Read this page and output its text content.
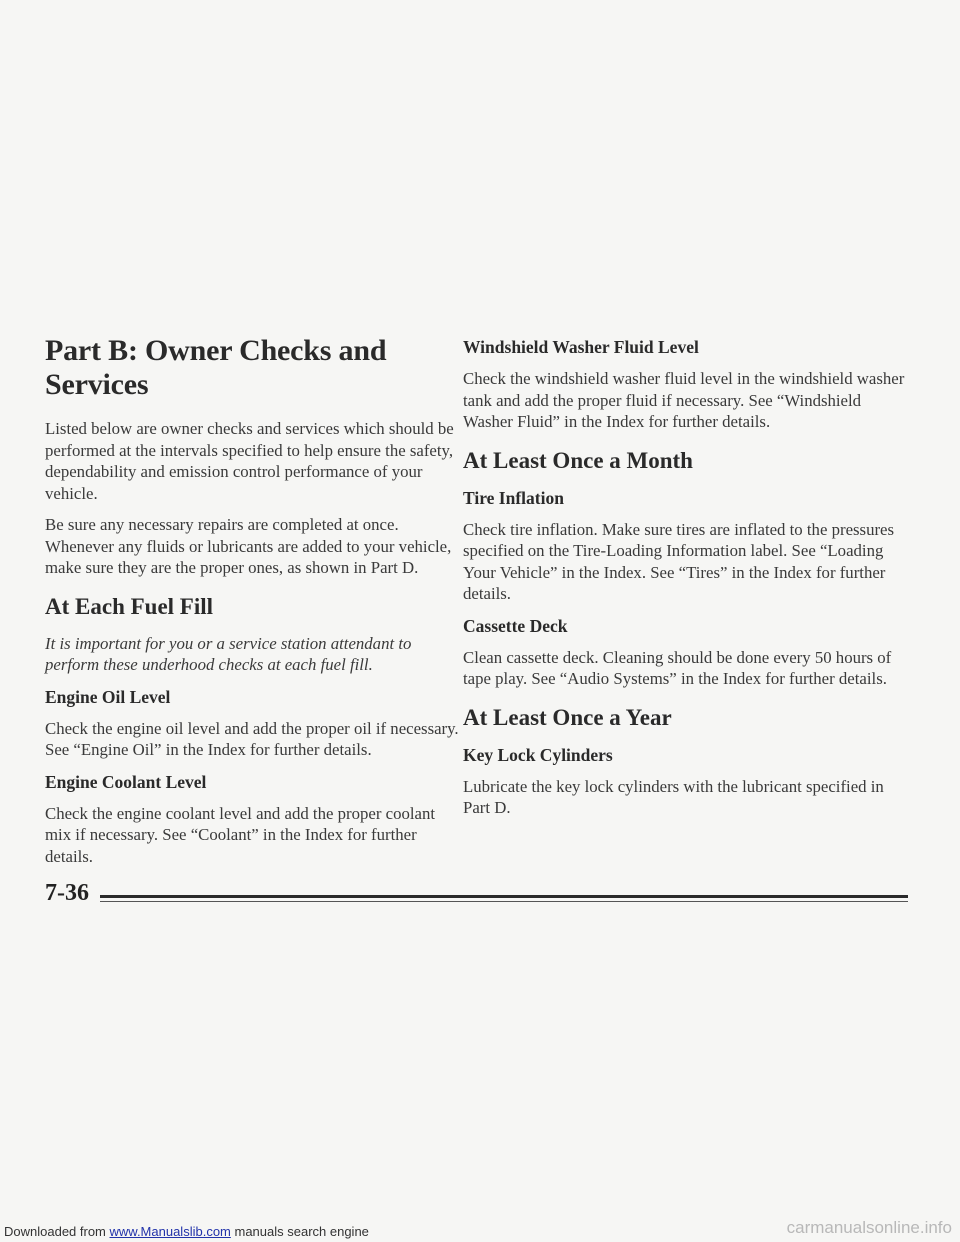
Part B: Owner Checks and Services

Listed below are owner checks and services which should be performed at the intervals specified to help ensure the safety, dependability and emission control performance of your vehicle.

Be sure any necessary repairs are completed at once. Whenever any fluids or lubricants are added to your vehicle, make sure they are the proper ones, as shown in Part D.

At Each Fuel Fill

It is important for you or a service station attendant to perform these underhood checks at each fuel fill.

Engine Oil Level

Check the engine oil level and add the proper oil if necessary. See “Engine Oil” in the Index for further details.

Engine Coolant Level

Check the engine coolant level and add the proper coolant mix if necessary. See “Coolant” in the Index for further details.

Windshield Washer Fluid Level

Check the windshield washer fluid level in the windshield washer tank and add the proper fluid if necessary. See “Windshield Washer Fluid” in the Index for further details.

At Least Once a Month
Tire Inflation

Check tire inflation. Make sure tires are inflated to the pressures specified on the Tire-Loading Information label. See “Loading Your Vehicle” in the Index. See “Tires” in the Index for further details.

Cassette Deck

Clean cassette deck. Cleaning should be done every 50 hours of tape play. See “Audio Systems” in the Index for further details.

At Least Once a Year
Key Lock Cylinders

Lubricate the key lock cylinders with the lubricant specified in Part D.

7-36
Downloaded from www.Manualslib.com manuals search engine	carmanualsonline.info
